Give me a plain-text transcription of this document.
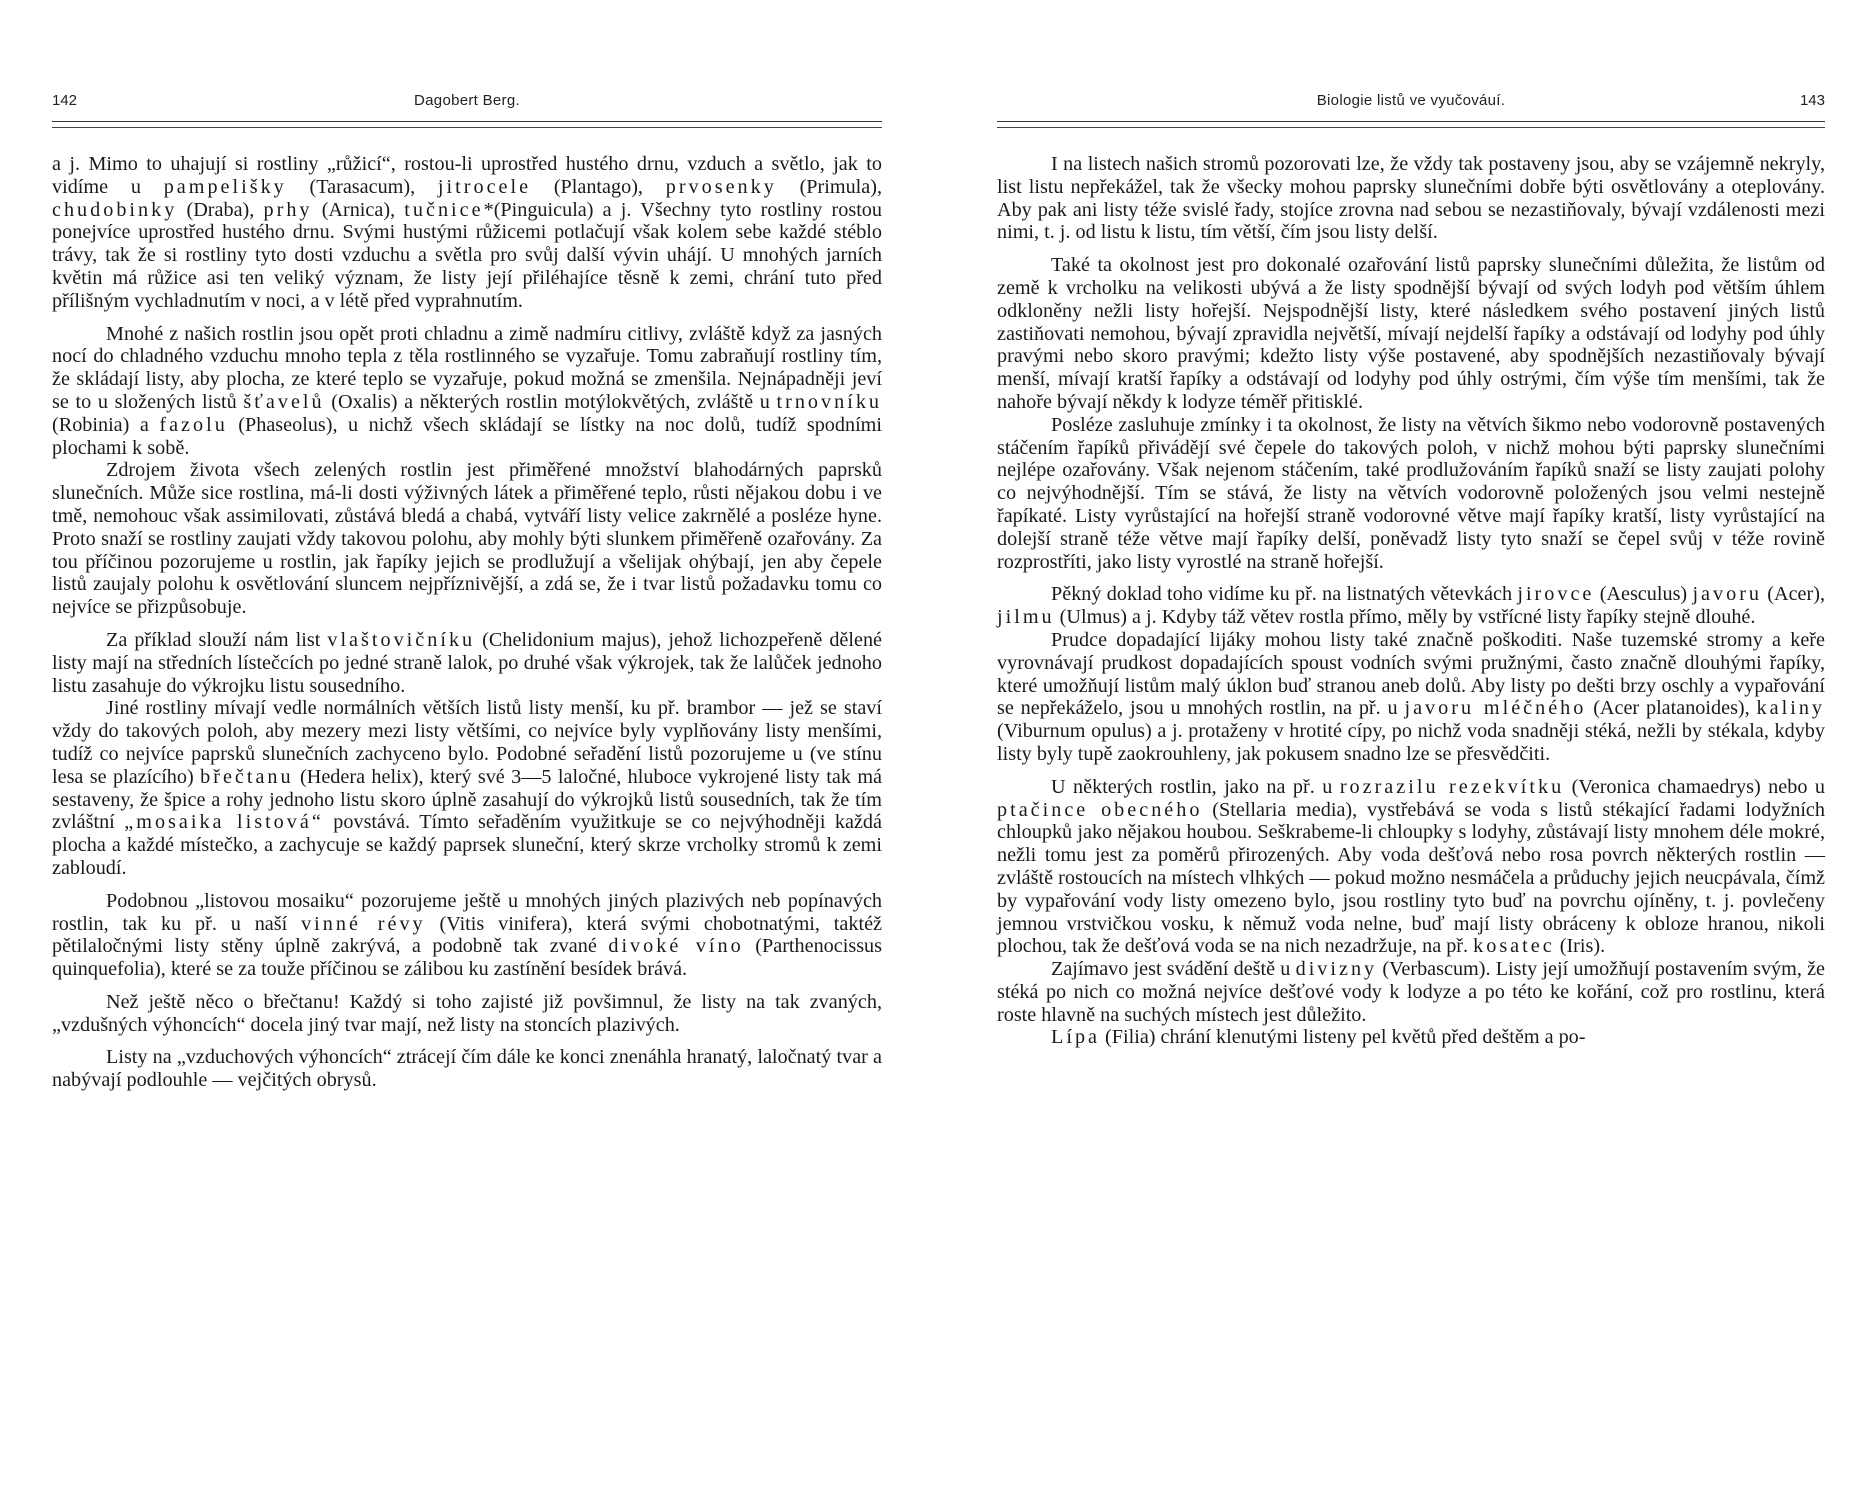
142	Dagobert Berg.

a j. Mimo to uhajují si rostliny „růžicí“, rostou-li uprostřed hustého drnu, vzduch a světlo, jak to vidíme u pampelišky (Tarasacum), jitrocele (Plantago), prvosenky (Primula), chudobinky (Draba), prhy (Arnica), tučnice*(Pinguicula) a j. Všechny tyto rostliny rostou ponejvíce uprostřed hustého drnu. Svými hustými růžicemi potlačují však kolem sebe každé stéblo trávy, tak že si rostliny tyto dosti vzduchu a světla pro svůj další vývin uhájí. U mnohých jarních květin má růžice asi ten veliký význam, že listy její přiléhajíce těsně k zemi, chrání tuto před přílišným vychladnutím v noci, a v létě před vyprahnutím.

Mnohé z našich rostlin jsou opět proti chladnu a zimě nadmíru citlivy, zvláště když za jasných nocí do chladného vzduchu mnoho tepla z těla rostlinného se vyzařuje. Tomu zabraňují rostliny tím, že skládají listy, aby plocha, ze které teplo se vyzařuje, pokud možná se zmenšila. Nejnápadněji jeví se to u složených listů šťavelů (Oxalis) a některých rostlin motýlokvětých, zvláště u trnovníku (Robinia) a fazolu (Phaseolus), u nichž všech skládají se lístky na noc dolů, tudíž spodními plochami k sobě.

Zdrojem života všech zelených rostlin jest přiměřené množství blahodárných paprsků slunečních. Může sice rostlina, má-li dosti výživných látek a přiměřené teplo, růsti nějakou dobu i ve tmě, nemohouc však assimilovati, zůstává bledá a chabá, vytváří listy velice zakrnělé a posléze hyne. Proto snaží se rostliny zaujati vždy takovou polohu, aby mohly býti slunkem přiměřeně ozařovány. Za tou příčinou pozorujeme u rostlin, jak řapíky jejich se prodlužují a všelijak ohýbají, jen aby čepele listů zaujaly polohu k osvětlování sluncem nejpříznivější, a zdá se, že i tvar listů požadavku tomu co nejvíce se přizpůsobuje.

Za příklad slouží nám list vlaštovičníku (Chelidonium majus), jehož lichozpeřeně dělené listy mají na středních lístečcích po jedné straně lalok, po druhé však výkrojek, tak že lalůček jednoho listu zasahuje do výkrojku listu sousedního.

Jiné rostliny mívají vedle normálních větších listů listy menší, ku př. brambor — jež se staví vždy do takových poloh, aby mezery mezi listy většími, co nejvíce byly vyplňovány listy menšími, tudíž co nejvíce paprsků slunečních zachyceno bylo. Podobné seřadění listů pozorujeme u (ve stínu lesa se plazícího) břečtanu (Hedera helix), který své 3—5 laločné, hluboce vykrojené listy tak má sestaveny, že špice a rohy jednoho listu skoro úplně zasahují do výkrojků listů sousedních, tak že tím zvláštní „mosaika listová“ povstává. Tímto seřaděním využitkuje se co nejvýhodněji každá plocha a každé místečko, a zachycuje se každý paprsek sluneční, který skrze vrcholky stromů k zemi zabloudí.

Podobnou „listovou mosaiku“ pozorujeme ještě u mnohých jiných plazivých neb popínavých rostlin, tak ku př. u naší vinné révy (Vitis vinifera), která svými chobotnatými, taktéž pětilaločnými listy stěny úplně zakrývá, a podobně tak zvané divoké víno (Parthenocissus quinquefolia), které se za touže příčinou se zálibou ku zastínění besídek brává.

Než ještě něco o břečtanu! Každý si toho zajisté již povšimnul, že listy na tak zvaných, „vzdušných výhoncích“ docela jiný tvar mají, než listy na stoncích plazivých.

Listy na „vzduchových výhoncích“ ztrácejí čím dále ke konci znenáhla hranatý, laločnatý tvar a nabývají podlouhle — vejčitých obrysů.

Biologie listů ve vyučováuí.	143

I na listech našich stromů pozorovati lze, že vždy tak postaveny jsou, aby se vzájemně nekryly, list listu nepřekážel, tak že všecky mohou paprsky slunečními dobře býti osvětlovány a oteplovány. Aby pak ani listy téže svislé řady, stojíce zrovna nad sebou se nezastiňovaly, bývají vzdálenosti mezi nimi, t. j. od listu k listu, tím větší, čím jsou listy delší.

Také ta okolnost jest pro dokonalé ozařování listů paprsky slunečními důležita, že listům od země k vrcholku na velikosti ubývá a že listy spodnější bývají od svých lodyh pod větším úhlem odkloněny nežli listy hořejší. Nejspodnější listy, které následkem svého postavení jiných listů zastiňovati nemohou, bývají zpravidla největší, mívají nejdelší řapíky a odstávají od lodyhy pod úhly pravými nebo skoro pravými; kdežto listy výše postavené, aby spodnějších nezastiňovaly bývají menší, mívají kratší řapíky a odstávají od lodyhy pod úhly ostrými, čím výše tím menšími, tak že nahoře bývají někdy k lodyze téměř přitisklé.

Posléze zasluhuje zmínky i ta okolnost, že listy na větvích šikmo nebo vodorovně postavených stáčením řapíků přivádějí své čepele do takových poloh, v nichž mohou býti paprsky slunečními nejlépe ozařovány. Však nejenom stáčením, také prodlužováním řapíků snaží se listy zaujati polohy co nejvýhodnější. Tím se stává, že listy na větvích vodorovně položených jsou velmi nestejně řapíkaté. Listy vyrůstající na hořejší straně vodorovné větve mají řapíky kratší, listy vyrůstající na dolejší straně téže větve mají řapíky delší, poněvadž listy tyto snaží se čepel svůj v téže rovině rozprostříti, jako listy vyrostlé na straně hořejší.

Pěkný doklad toho vidíme ku př. na listnatých větevkách jirovce (Aesculus) javoru (Acer), jilmu (Ulmus) a j. Kdyby táž větev rostla přímo, měly by vstřícné listy řapíky stejně dlouhé.

Prudce dopadající lijáky mohou listy také značně poškoditi. Naše tuzemské stromy a keře vyrovnávají prudkost dopadajících spoust vodních svými pružnými, často značně dlouhými řapíky, které umožňují listům malý úklon buď stranou aneb dolů. Aby listy po dešti brzy oschly a vypařování se nepřekáželo, jsou u mnohých rostlin, na př. u javoru mléčného (Acer platanoides), kaliny (Viburnum opulus) a j. protaženy v hrotité cípy, po nichž voda snadněji stéká, nežli by stékala, kdyby listy byly tupě zaokrouhleny, jak pokusem snadno lze se přesvědčiti.

U některých rostlin, jako na př. u rozrazilu rezekvítku (Veronica chamaedrys) nebo u ptačince obecného (Stellaria media), vystřebává se voda s listů stékající řadami lodyžních chloupků jako nějakou houbou. Seškrabeme-li chloupky s lodyhy, zůstávají listy mnohem déle mokré, nežli tomu jest za poměrů přirozených. Aby voda dešťová nebo rosa povrch některých rostlin — zvláště rostoucích na místech vlhkých — pokud možno nesmáčela a průduchy jejich neucpávala, čímž by vypařování vody listy omezeno bylo, jsou rostliny tyto buď na povrchu ojíněny, t. j. povlečeny jemnou vrstvičkou vosku, k němuž voda nelne, buď mají listy obráceny k obloze hranou, nikoli plochou, tak že dešťová voda se na nich nezadržuje, na př. kosatec (Iris).

Zajímavo jest svádění deště u divizny (Verbascum). Listy její umožňují postavením svým, že stéká po nich co možná nejvíce dešťové vody k lodyze a po této ke kořání, což pro rostlinu, která roste hlavně na suchých místech jest důležito.

Lípa (Filia) chrání klenutými listeny pel květů před deštěm a po-
